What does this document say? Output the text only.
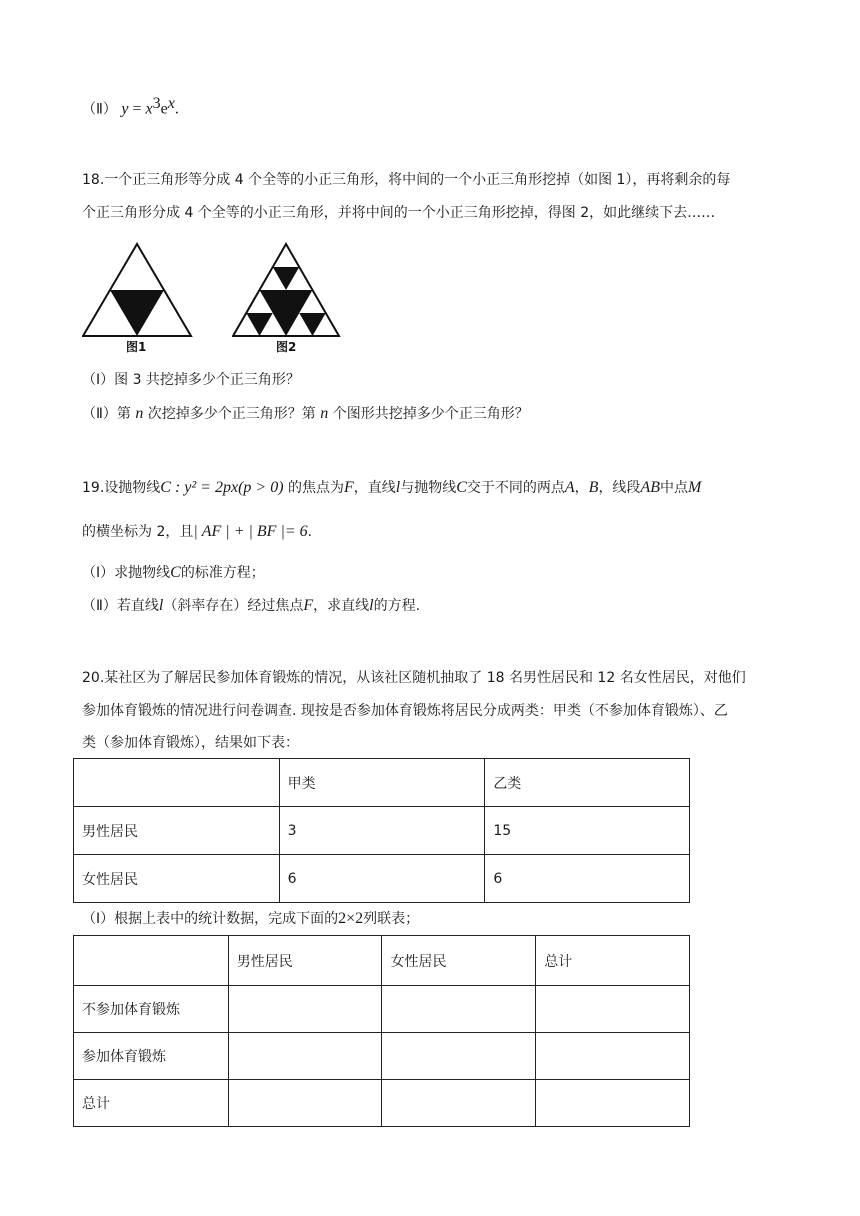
（Ⅱ） $y = x^3e^x$.
18.一个正三角形等分成 4 个全等的小正三角形，将中间的一个小正三角形挖掉（如图 1），再将剩余的每
个正三角形分成 4 个全等的小正三角形，并将中间的一个小正三角形挖掉，得图 2，如此继续下去……
图1	图2
（Ⅰ）图 3 共挖掉多少个正三角形？
（Ⅱ）第 n 次挖掉多少个正三角形？第 n 个图形共挖掉多少个正三角形？
19.设抛物线C : y² = 2px(p > 0) 的焦点为F，直线l与抛物线C交于不同的两点A，B，线段AB中点M
的横坐标为 2，且| AF | + | BF |= 6.
（Ⅰ）求抛物线C的标准方程；
（Ⅱ）若直线l（斜率存在）经过焦点F，求直线l的方程.
20.某社区为了解居民参加体育锻炼的情况，从该社区随机抽取了 18 名男性居民和 12 名女性居民，对他们
参加体育锻炼的情况进行问卷调查. 现按是否参加体育锻炼将居民分成两类：甲类（不参加体育锻炼）、乙
类（参加体育锻炼），结果如下表：
	甲类	乙类
男性居民	3	15
女性居民	6	6
（Ⅰ）根据上表中的统计数据，完成下面的2×2列联表；
	男性居民	女性居民	总计
不参加体育锻炼			
参加体育锻炼			
总计			
